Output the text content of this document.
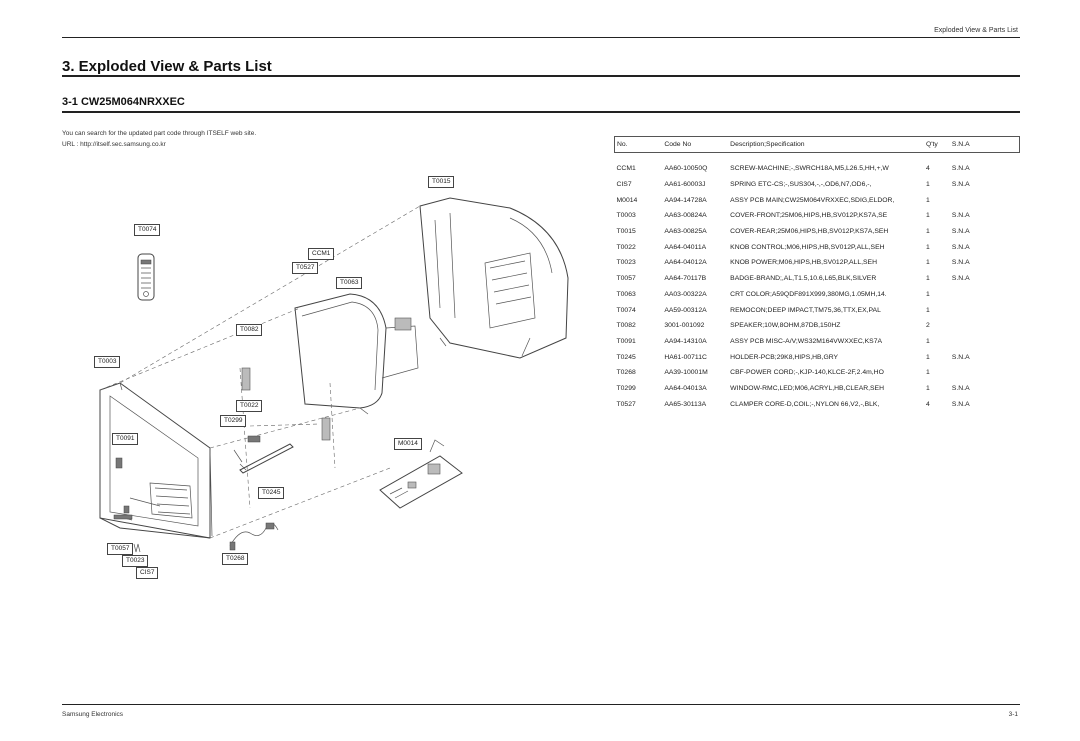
Exploded View & Parts List
3. Exploded View & Parts List
3-1 CW25M064NRXXEC
You can search for the updated part code through ITSELF web site.
URL : http://itself.sec.samsung.co.kr
T0015
T0074
CCM1
T0527
T0063
T0082
T0003
T0022
T0299
T0091
M0014
T0245
T0057
T0023	T0268
CIS7
No.	Code No	Description;Specification	Q'ty	S.N.A

CCM1	AA60-10050Q	SCREW-MACHINE;-,SWRCH18A,M5,L26.5,HH,+,W	4	S.N.A
CIS7	AA61-60003J	SPRING ETC-CS;-,SUS304,-,-,OD6,N7,OD6,-,	1	S.N.A
M0014	AA94-14728A	ASSY PCB MAIN;CW25M064VRXXEC,SDIG,ELDOR,	1	
T0003	AA63-00824A	COVER-FRONT;25M06,HIPS,HB,SV012P,KS7A,SE	1	S.N.A
T0015	AA63-00825A	COVER-REAR;25M06,HIPS,HB,SV012P,KS7A,SEH	1	S.N.A
T0022	AA64-04011A	KNOB CONTROL;M06,HIPS,HB,SV012P,ALL,SEH	1	S.N.A
T0023	AA64-04012A	KNOB POWER;M06,HIPS,HB,SV012P,ALL,SEH	1	S.N.A
T0057	AA64-70117B	BADGE-BRAND;,AL,T1.5,10.6,L65,BLK,SILVER	1	S.N.A
T0063	AA03-00322A	CRT COLOR;A59QDF891X999,380MG,1.05MH,14.	1	
T0074	AA59-00312A	REMOCON;DEEP IMPACT,TM75,36,TTX,EX,PAL	1	
T0082	3001-001092	SPEAKER;10W,8OHM,87DB,150HZ	2	
T0091	AA94-14310A	ASSY PCB MISC-A/V;WS32M164VWXXEC,KS7A	1	
T0245	HA61-00711C	HOLDER-PCB;29K8,HIPS,HB,GRY	1	S.N.A
T0268	AA39-10001M	CBF-POWER CORD;-,KJP-140,KLCE-2F,2.4m,HO	1	
T0299	AA64-04013A	WINDOW-RMC,LED;M06,ACRYL,HB,CLEAR,SEH	1	S.N.A
T0527	AA65-30113A	CLAMPER CORE-D,COIL;-,NYLON 66,V2,-,BLK,	4	S.N.A
Samsung Electronics	3-1
